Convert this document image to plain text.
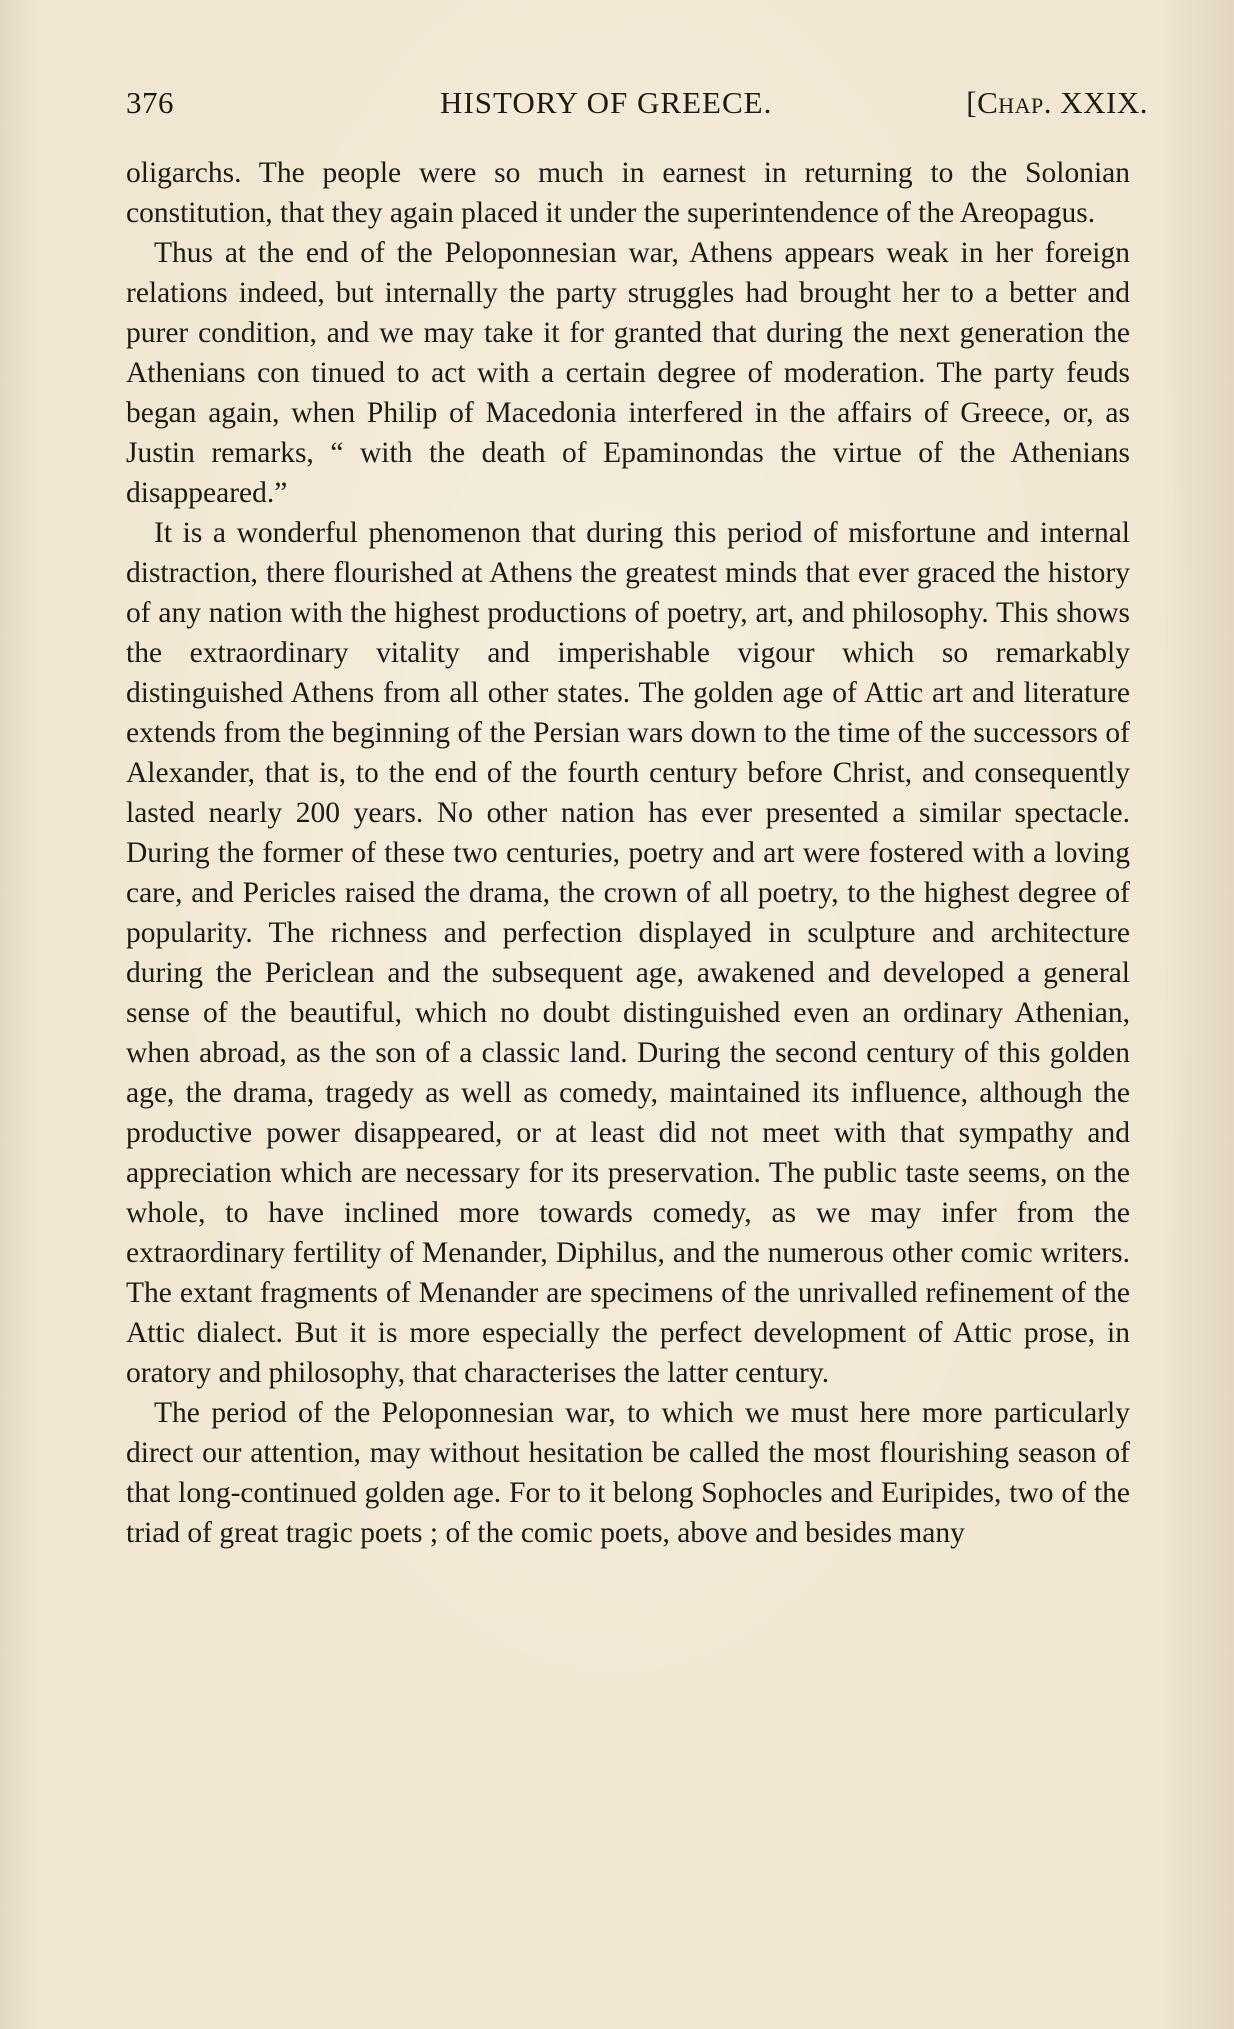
376	HISTORY OF GREECE.	[Chap. XXIX.

oligarchs. The people were so much in earnest in returning to the Solonian constitution, that they again placed it under the superintendence of the Areopagus.

Thus at the end of the Peloponnesian war, Athens appears weak in her foreign relations indeed, but internally the party struggles had brought her to a better and purer condition, and we may take it for granted that during the next generation the Athenians con tinued to act with a certain degree of moderation. The party feuds began again, when Philip of Macedonia interfered in the affairs of Greece, or, as Justin remarks, “ with the death of Epaminondas the virtue of the Athenians disappeared.”

It is a wonderful phenomenon that during this period of misfortune and internal distraction, there flourished at Athens the greatest minds that ever graced the history of any nation with the highest productions of poetry, art, and philosophy. This shows the extraordinary vitality and imperishable vigour which so remarkably distinguished Athens from all other states. The golden age of Attic art and literature extends from the beginning of the Persian wars down to the time of the successors of Alexander, that is, to the end of the fourth century before Christ, and consequently lasted nearly 200 years. No other nation has ever presented a similar spectacle. During the former of these two centuries, poetry and art were fostered with a loving care, and Pericles raised the drama, the crown of all poetry, to the highest degree of popularity. The richness and perfection displayed in sculpture and architecture during the Periclean and the subsequent age, awakened and developed a general sense of the beautiful, which no doubt distinguished even an ordinary Athenian, when abroad, as the son of a classic land. During the second century of this golden age, the drama, tragedy as well as comedy, maintained its influence, although the productive power disappeared, or at least did not meet with that sympathy and appreciation which are necessary for its preservation. The public taste seems, on the whole, to have inclined more towards comedy, as we may infer from the extraordinary fertility of Menander, Diphilus, and the numerous other comic writers. The extant fragments of Menander are specimens of the unrivalled refinement of the Attic dialect. But it is more especially the perfect development of Attic prose, in oratory and philosophy, that characterises the latter century.

The period of the Peloponnesian war, to which we must here more particularly direct our attention, may without hesitation be called the most flourishing season of that long-continued golden age. For to it belong Sophocles and Euripides, two of the triad of great tragic poets ; of the comic poets, above and besides many
